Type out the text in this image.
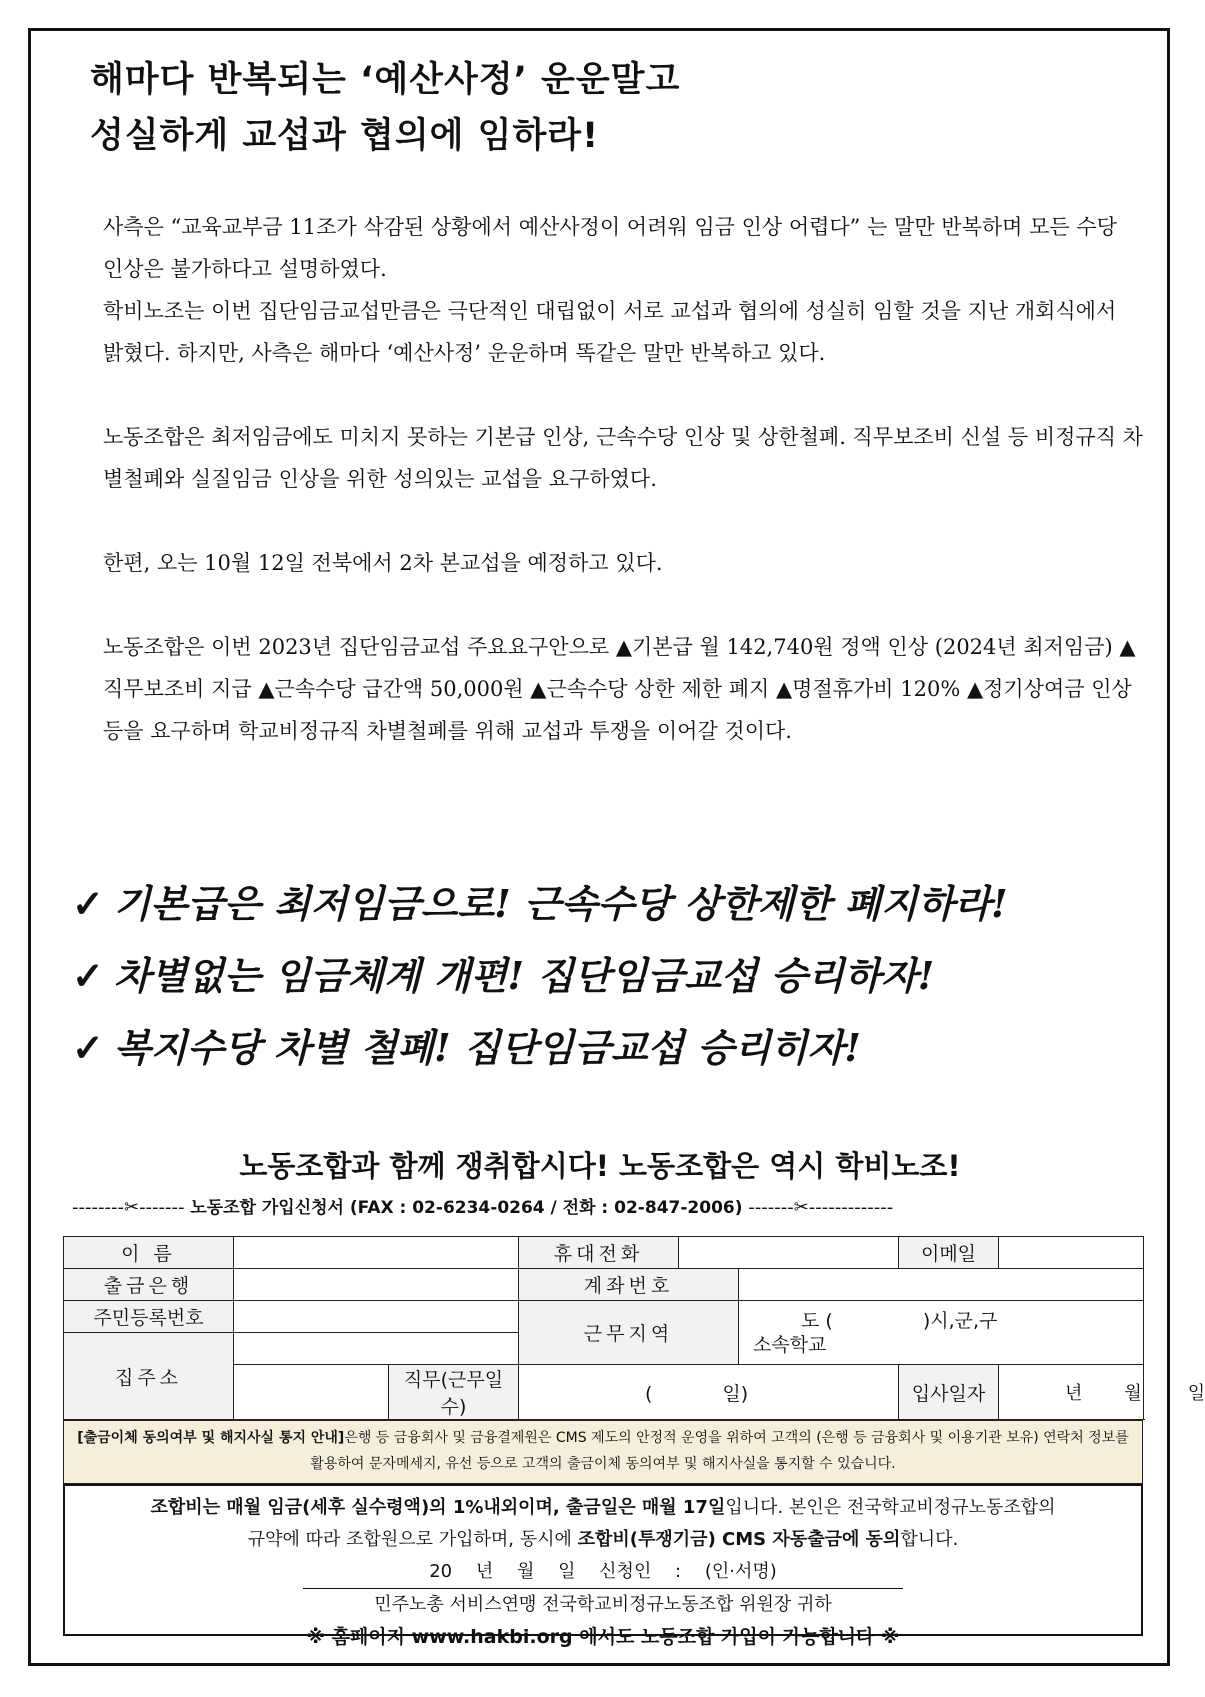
해마다 반복되는 ‘예산사정’ 운운말고
성실하게 교섭과 협의에 임하라!

사측은 “교육교부금 11조가 삭감된 상황에서 예산사정이 어려워 임금 인상 어렵다” 는 말만 반복하며 모든 수당 인상은 불가하다고 설명하였다.

학비노조는 이번 집단임금교섭만큼은 극단적인 대립없이 서로 교섭과 협의에 성실히 임할 것을 지난 개회식에서 밝혔다. 하지만, 사측은 해마다 ‘예산사정’ 운운하며 똑같은 말만 반복하고 있다.

노동조합은 최저임금에도 미치지 못하는 기본급 인상, 근속수당 인상 및 상한철폐. 직무보조비 신설 등 비정규직 차별철폐와 실질임금 인상을 위한 성의있는 교섭을 요구하였다.

한편, 오는 10월 12일 전북에서 2차 본교섭을 예정하고 있다.

노동조합은 이번 2023년 집단임금교섭 주요요구안으로 ▲기본급 월 142,740원 정액 인상 (2024년 최저임금) ▲직무보조비 지급 ▲근속수당 급간액 50,000원 ▲근속수당 상한 제한 폐지 ▲명절휴가비 120% ▲정기상여금 인상 등을 요구하며 학교비정규직 차별철폐를 위해 교섭과 투쟁을 이어갈 것이다.

✓ 기본급은 최저임금으로! 근속수당 상한제한 폐지하라!
✓ 차별없는 임금체계 개편! 집단임금교섭 승리하자!
✓ 복지수당 차별 철폐! 집단임금교섭 승리히자!
노동조합과 함께 쟁취합시다! 노동조합은 역시 학비노조!
--------✂------- 노동조합 가입신청서 (FAX : 02-6234-0264 / 전화 : 02-847-2006) -------✂-------------
이 름			휴대전화			이메일	
출금은행			계좌번호				
주민등록번호			근무지역		도 ( )시,군,구
소속학교		

집주소							
		직무(근무일수)	( 일)			입사일자	년 월 일
[출금이체 동의여부 및 해지사실 통지 안내]은행 등 금융회사 및 금융결제원은 CMS 제도의 안정적 운영을 위하여 고객의 (은행 등 금융회사 및 이용기관 보유) 연락처 정보를 활용하여 문자메세지, 유선 등으로 고객의 출금이체 동의여부 및 해지사실을 통지할 수 있습니다.
조합비는 매월 임금(세후 실수령액)의 1%내외이며, 출금일은 매월 17일입니다. 본인은 전국학교비정규노동조합의
규약에 따라 조합원으로 가입하며, 동시에 조합비(투쟁기금) CMS 자동출금에 동의합니다.
20 년 월 일 신청인 : (인·서명)
민주노총 서비스연맹 전국학교비정규노동조합 위원장 귀하
※ 홈페이지 www.hakbi.org 에서도 노동조합 가입이 가능합니다 ※
